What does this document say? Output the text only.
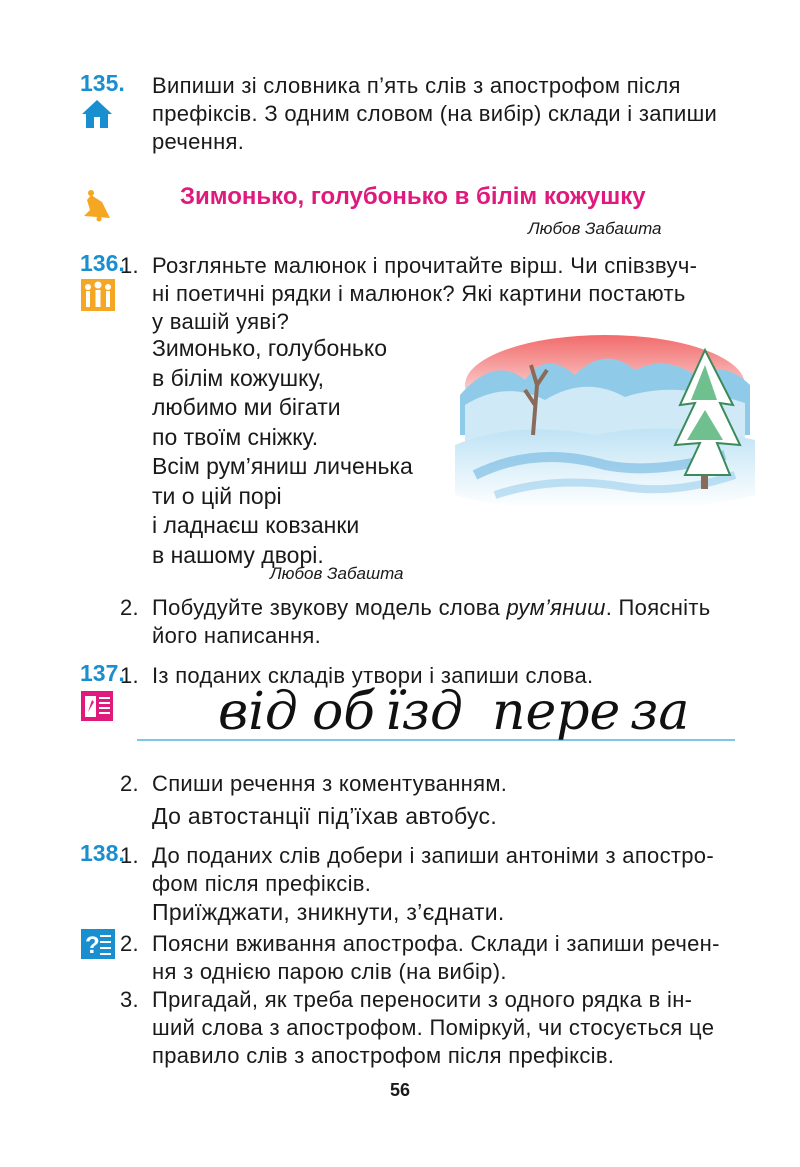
135. Випиши зі словника п’ять слів з апострофом після
префіксів. З одним словом (на вибір) склади і запиши
речення.
Зимонько, голубонько в білім кожушку
Любов Забашта
136.
1. Розгляньте малюнок і прочитайте вірш. Чи співзвуч-
ні поетичні рядки і малюнок? Які картини постають
у вашій уяві?
Зимонько, голубонько
в білім кожушку,
любимо ми бігати
по твоїм сніжку.
Всім рум’яниш личенька
ти о цій порі
і ладнаєш ковзанки
в нашому дворі.
Любов Забашта
2. Побудуйте звукову модель слова рум’яниш. Поясніть
його написання.
137.
1. Із поданих складів утвори і запиши слова.
від об їзд пере за
2. Спиши речення з коментуванням.
До автостанції під’їхав автобус.
138.
1. До поданих слів добери і запиши антоніми з апостро-
фом після префіксів.
Приїжджати, зникнути, з’єднати.
? 2. Поясни вживання апострофа. Склади і запиши речен-
ня з однією парою слів (на вибір).
3. Пригадай, як треба переносити з одного рядка в ін-
ший слова з апострофом. Поміркуй, чи стосується це
правило слів з апострофом після префіксів.
56
